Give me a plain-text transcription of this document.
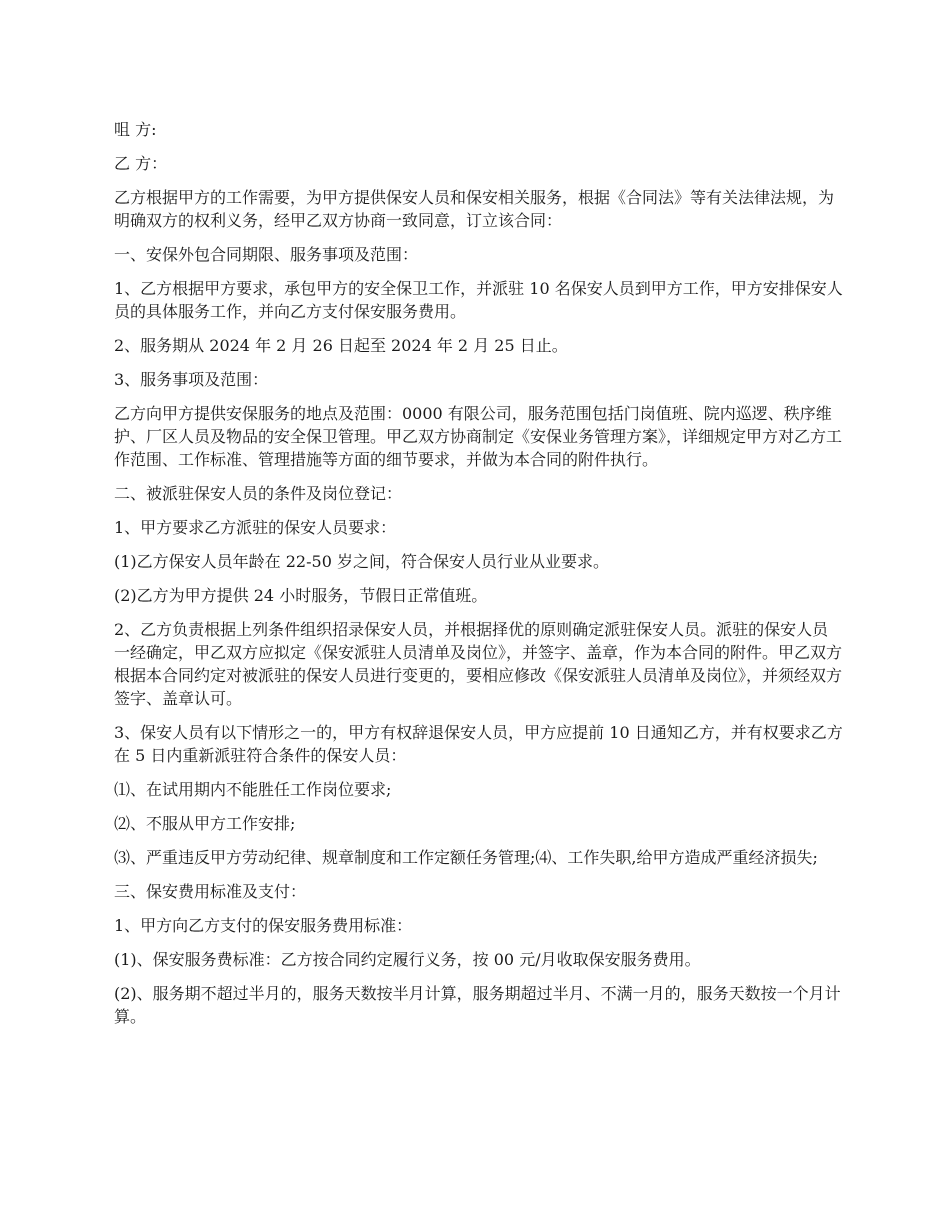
咀 方:

乙 方：

乙方根据甲方的工作需要，为甲方提供保安人员和保安相关服务，根据《合同法》等有关法律法规，为明确双方的权利义务，经甲乙双方协商一致同意，订立该合同：

一、安保外包合同期限、服务事项及范围：

1、乙方根据甲方要求，承包甲方的安全保卫工作，并派驻 10 名保安人员到甲方工作，甲方安排保安人员的具体服务工作，并向乙方支付保安服务费用。

2、服务期从 2024 年 2 月 26 日起至 2024 年 2 月 25 日止。

3、服务事项及范围：

乙方向甲方提供安保服务的地点及范围：0000 有限公司，服务范围包括门岗值班、院内巡逻、秩序维护、厂区人员及物品的安全保卫管理。甲乙双方协商制定《安保业务管理方案》，详细规定甲方对乙方工作范围、工作标准、管理措施等方面的细节要求，并做为本合同的附件执行。

二、被派驻保安人员的条件及岗位登记：

1、甲方要求乙方派驻的保安人员要求：

(1)乙方保安人员年龄在 22-50 岁之间，符合保安人员行业从业要求。

(2)乙方为甲方提供 24 小时服务，节假日正常值班。

2、乙方负责根据上列条件组织招录保安人员，并根据择优的原则确定派驻保安人员。派驻的保安人员一经确定，甲乙双方应拟定《保安派驻人员清单及岗位》，并签字、盖章，作为本合同的附件。甲乙双方根据本合同约定对被派驻的保安人员进行变更的，要相应修改《保安派驻人员清单及岗位》，并须经双方签字、盖章认可。

3、保安人员有以下情形之一的，甲方有权辞退保安人员，甲方应提前 10 日通知乙方，并有权要求乙方在 5 日内重新派驻符合条件的保安人员：

⑴、在试用期内不能胜任工作岗位要求;

⑵、不服从甲方工作安排;

⑶、严重违反甲方劳动纪律、规章制度和工作定额任务管理;⑷、工作失职,给甲方造成严重经济损失;

三、保安费用标准及支付：

1、甲方向乙方支付的保安服务费用标准：

(1)、保安服务费标准：乙方按合同约定履行义务，按 00 元/月收取保安服务费用。

(2)、服务期不超过半月的，服务天数按半月计算，服务期超过半月、不满一月的，服务天数按一个月计算。
